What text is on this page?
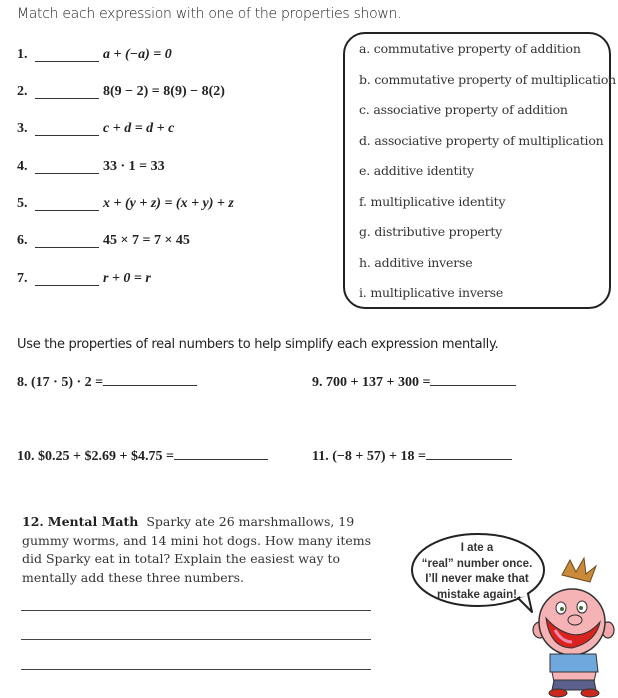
Match each expression with one of the properties shown.
1.	a + (−a) = 0
2.	8(9 − 2) = 8(9) − 8(2)
3.	c + d = d + c
4.	33 · 1 = 33
5.	x + (y + z) = (x + y) + z
6.	45 × 7 = 7 × 45
7.	r + 0 = r
a. commutative property of addition
b. commutative property of multiplication
c. associative property of addition
d. associative property of multiplication
e. additive identity
f. multiplicative identity
g. distributive property
h. additive inverse
i. multiplicative inverse
Use the properties of real numbers to help simplify each expression mentally.
8. (17 · 5) · 2 =	9. 700 + 137 + 300 =
10. $0.25 + $2.69 + $4.75 =	11. (−8 + 57) + 18 =
12. Mental Math Sparky ate 26 marshmallows, 19 gummy worms, and 14 mini hot dogs. How many items did Sparky eat in total? Explain the easiest way to mentally add these three numbers.
I ate a
“real” number once.
I’ll never make that
mistake again!
